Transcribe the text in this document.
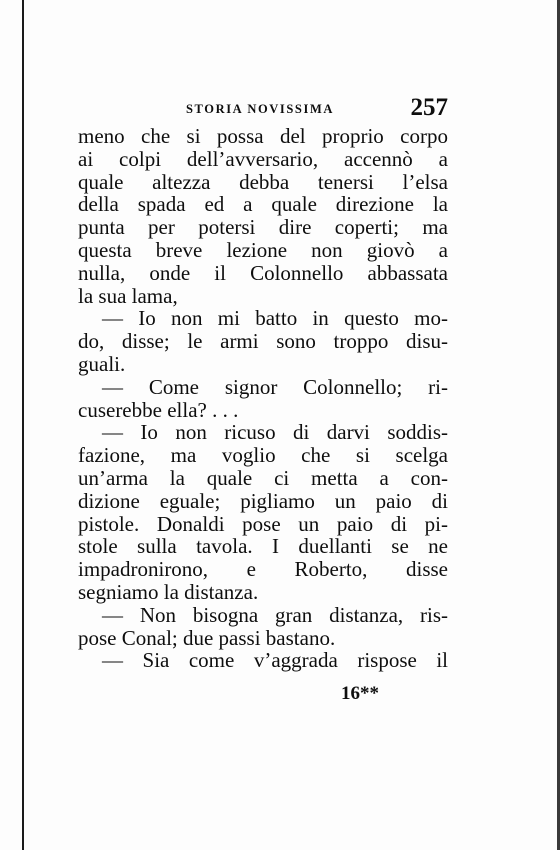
STORIA NOVISSIMA	257
meno che si possa del proprio corpo
ai colpi dell’avversario, accennò a
quale altezza debba tenersi l’elsa
della spada ed a quale direzione la
punta per potersi dire coperti; ma
questa breve lezione non giovò a
nulla, onde il Colonnello abbassata
la sua lama,
— Io non mi batto in questo mo-
do, disse; le armi sono troppo disu-
guali.
— Come signor Colonnello; ri-
cuserebbe ella? . . .
— Io non ricuso di darvi soddis-
fazione, ma voglio che si scelga
un’arma la quale ci metta a con-
dizione eguale; pigliamo un paio di
pistole. Donaldi pose un paio di pi-
stole sulla tavola. I duellanti se ne
impadronirono, e Roberto, disse
segniamo la distanza.
— Non bisogna gran distanza, ris-
pose Conal; due passi bastano.
— Sia come v’aggrada rispose il
16**
